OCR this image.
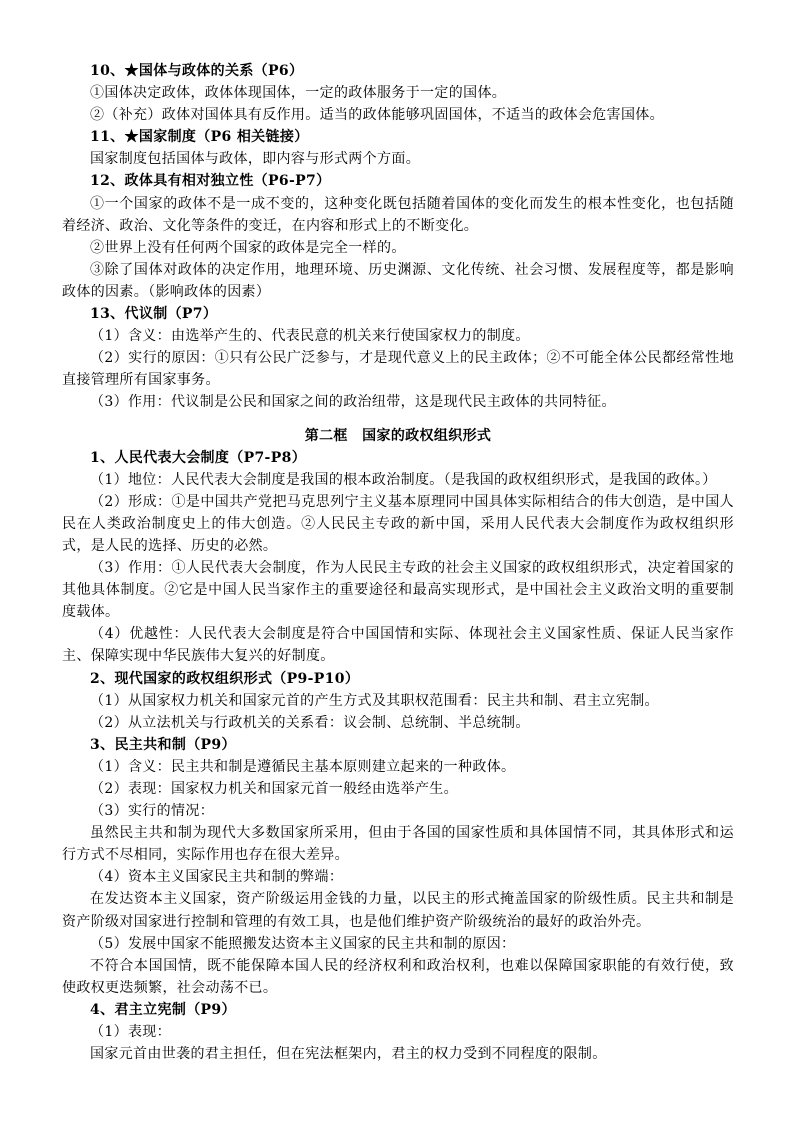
10、★国体与政体的关系（P6）

①国体决定政体，政体体现国体，一定的政体服务于一定的国体。

②（补充）政体对国体具有反作用。适当的政体能够巩固国体，不适当的政体会危害国体。

11、★国家制度（P6 相关链接）

国家制度包括国体与政体，即内容与形式两个方面。

12、政体具有相对独立性（P6-P7）

①一个国家的政体不是一成不变的，这种变化既包括随着国体的变化而发生的根本性变化，也包括随着经济、政治、文化等条件的变迁，在内容和形式上的不断变化。

②世界上没有任何两个国家的政体是完全一样的。

③除了国体对政体的决定作用，地理环境、历史渊源、文化传统、社会习惯、发展程度等，都是影响政体的因素。（影响政体的因素）

13、代议制（P7）

（1）含义：由选举产生的、代表民意的机关来行使国家权力的制度。

（2）实行的原因：①只有公民广泛参与，才是现代意义上的民主政体；②不可能全体公民都经常性地直接管理所有国家事务。

（3）作用：代议制是公民和国家之间的政治纽带，这是现代民主政体的共同特征。

第二框　国家的政权组织形式

1、人民代表大会制度（P7-P8）

（1）地位：人民代表大会制度是我国的根本政治制度。（是我国的政权组织形式，是我国的政体。）

（2）形成：①是中国共产党把马克思列宁主义基本原理同中国具体实际相结合的伟大创造，是中国人民在人类政治制度史上的伟大创造。②人民民主专政的新中国，采用人民代表大会制度作为政权组织形式，是人民的选择、历史的必然。

（3）作用：①人民代表大会制度，作为人民民主专政的社会主义国家的政权组织形式，决定着国家的其他具体制度。②它是中国人民当家作主的重要途径和最高实现形式，是中国社会主义政治文明的重要制度载体。

（4）优越性：人民代表大会制度是符合中国国情和实际、体现社会主义国家性质、保证人民当家作主、保障实现中华民族伟大复兴的好制度。

2、现代国家的政权组织形式（P9-P10）

（1）从国家权力机关和国家元首的产生方式及其职权范围看：民主共和制、君主立宪制。

（2）从立法机关与行政机关的关系看：议会制、总统制、半总统制。

3、民主共和制（P9）

（1）含义：民主共和制是遵循民主基本原则建立起来的一种政体。

（2）表现：国家权力机关和国家元首一般经由选举产生。

（3）实行的情况：

虽然民主共和制为现代大多数国家所采用，但由于各国的国家性质和具体国情不同，其具体形式和运行方式不尽相同，实际作用也存在很大差异。

（4）资本主义国家民主共和制的弊端：

在发达资本主义国家，资产阶级运用金钱的力量，以民主的形式掩盖国家的阶级性质。民主共和制是资产阶级对国家进行控制和管理的有效工具，也是他们维护资产阶级统治的最好的政治外壳。

（5）发展中国家不能照搬发达资本主义国家的民主共和制的原因：

不符合本国国情，既不能保障本国人民的经济权利和政治权利，也难以保障国家职能的有效行使，致使政权更迭频繁，社会动荡不已。

4、君主立宪制（P9）

（1）表现：

国家元首由世袭的君主担任，但在宪法框架内，君主的权力受到不同程度的限制。
